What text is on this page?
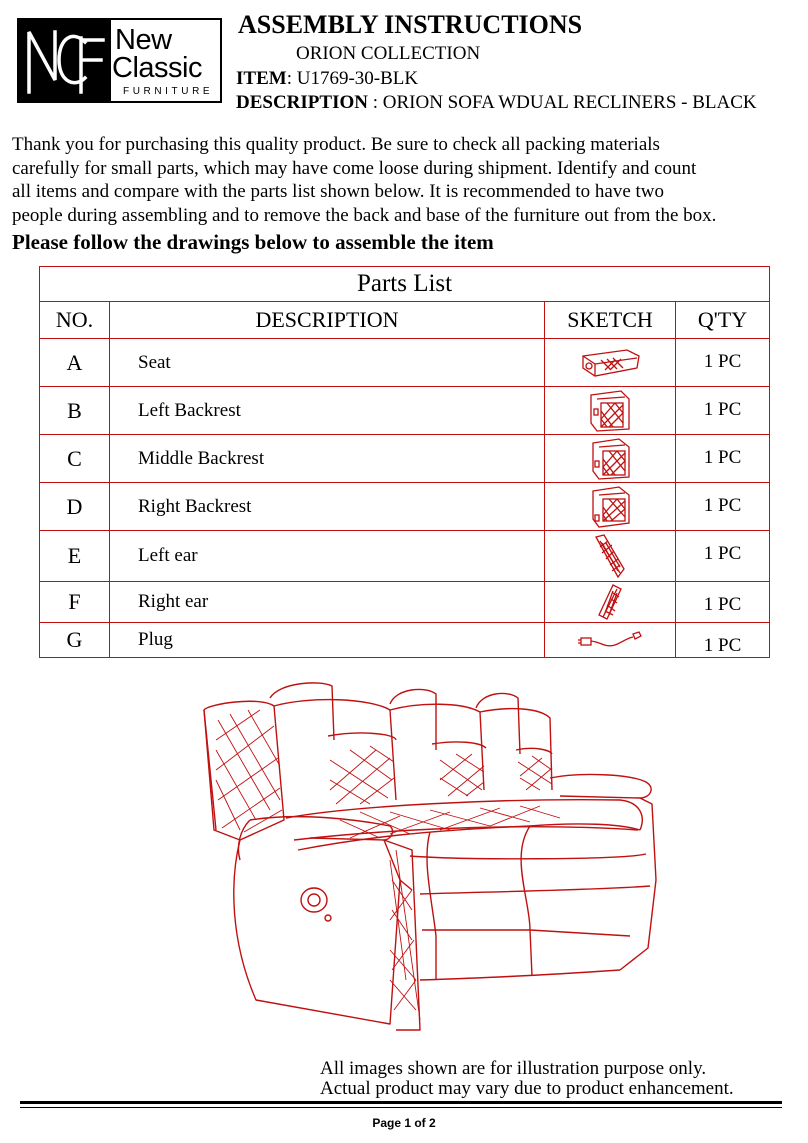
New
Classic
FURNITURE
ASSEMBLY INSTRUCTIONS
ORION COLLECTION
ITEM: U1769-30-BLK
DESCRIPTION : ORION SOFA WDUAL RECLINERS - BLACK
Thank you for purchasing this quality product. Be sure to check all packing materials
carefully for small parts, which may have come loose during shipment. Identify and count
all items and compare with the parts list shown below. It is recommended to have two
people during assembling and to remove the back and base of the furniture out from the box.
Please follow the drawings below to assemble the item
Parts List			
NO.	DESCRIPTION	SKETCH	Q'TY
A	Seat		1 PC
B	Left Backrest		1 PC
C	Middle Backrest		1 PC
D	Right Backrest		1 PC
E	Left ear		1 PC
F	Right ear		1 PC
G	Plug		1 PC
All images shown are for illustration purpose only.
Actual product may vary due to product enhancement.
Page 1 of 2
